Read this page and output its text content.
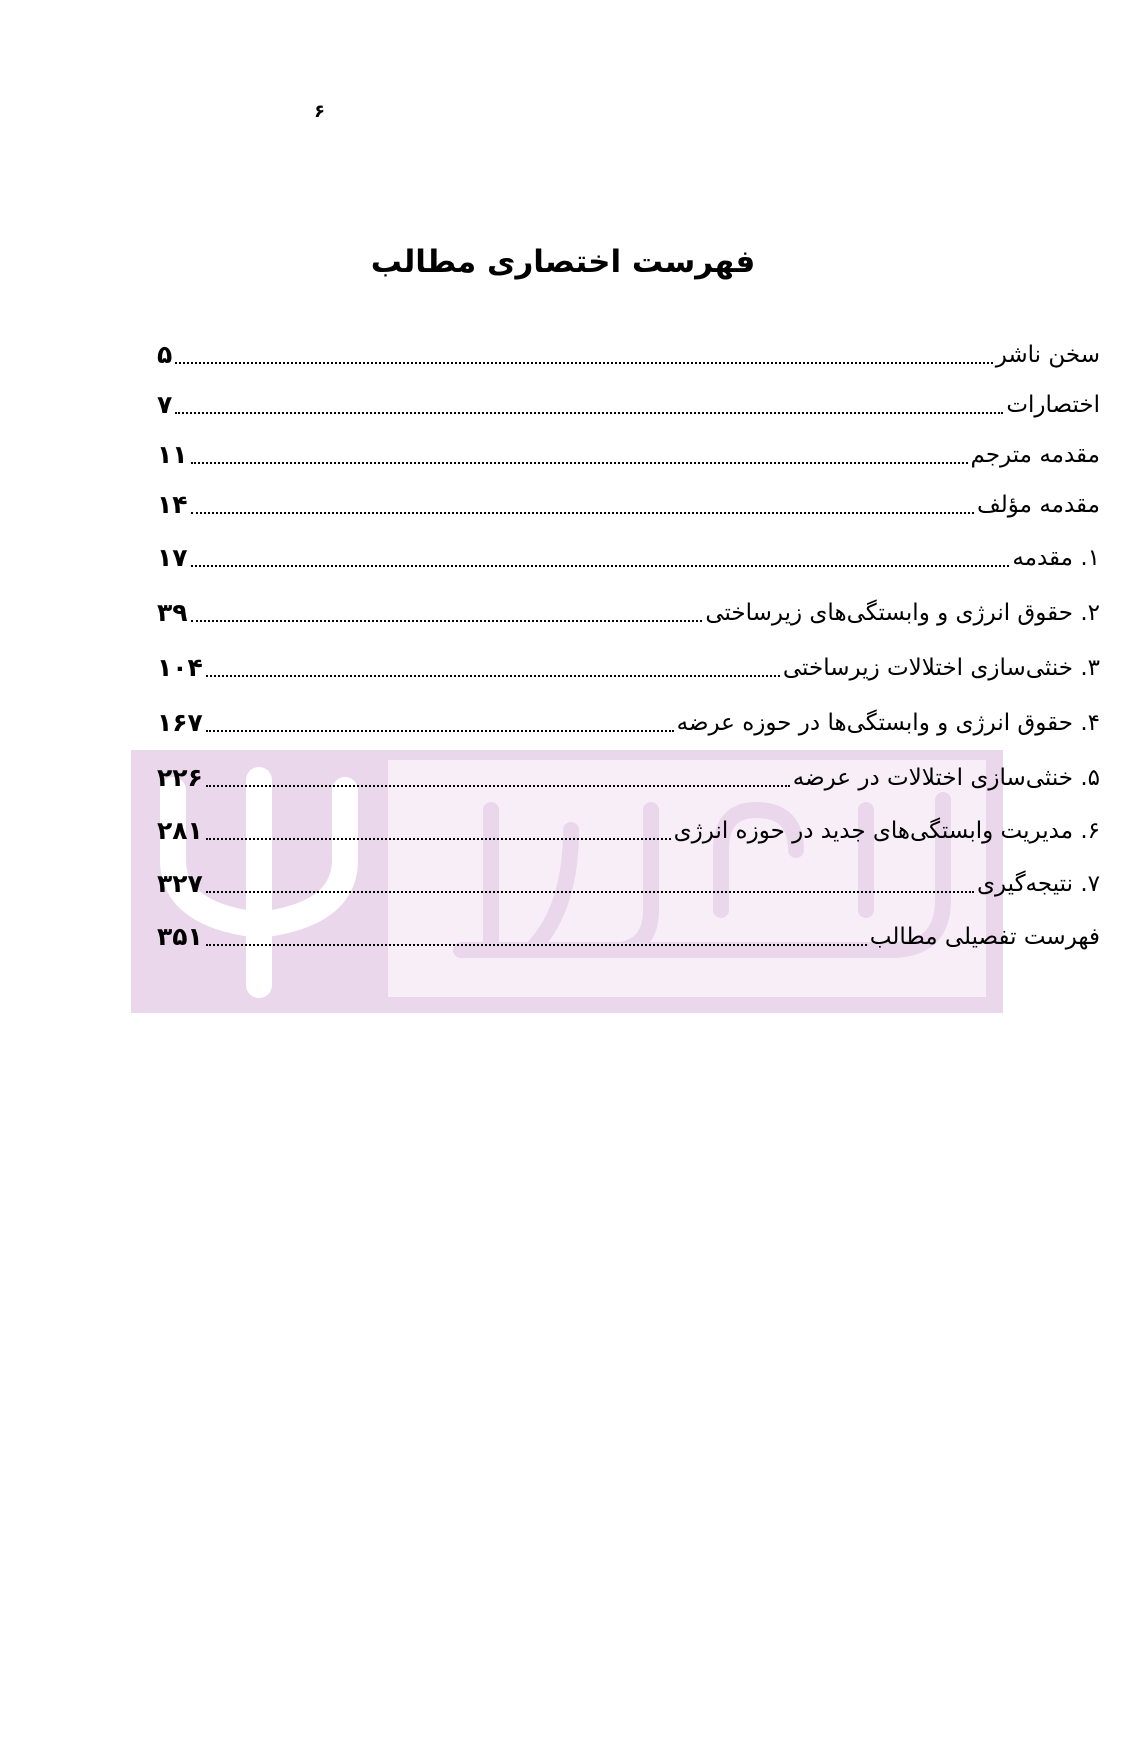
۶
فهرست اختصاری مطالب
سخن ناشر
۵
اختصارات
۷
مقدمه مترجم
۱۱
مقدمه مؤلف
۱۴
۱. مقدمه
۱۷
۲. حقوق انرژی و وابستگی‌های زیرساختی
۳۹
۳. خنثی‌سازی اختلالات زیرساختی
۱۰۴
۴. حقوق انرژی و وابستگی‌ها در حوزه عرضه
۱۶۷
۵. خنثی‌سازی اختلالات در عرضه
۲۲۶
۶. مدیریت وابستگی‌های جدید در حوزه انرژی
۲۸۱
۷. نتیجه‌گیری
۳۲۷
فهرست تفصیلی مطالب
۳۵۱
